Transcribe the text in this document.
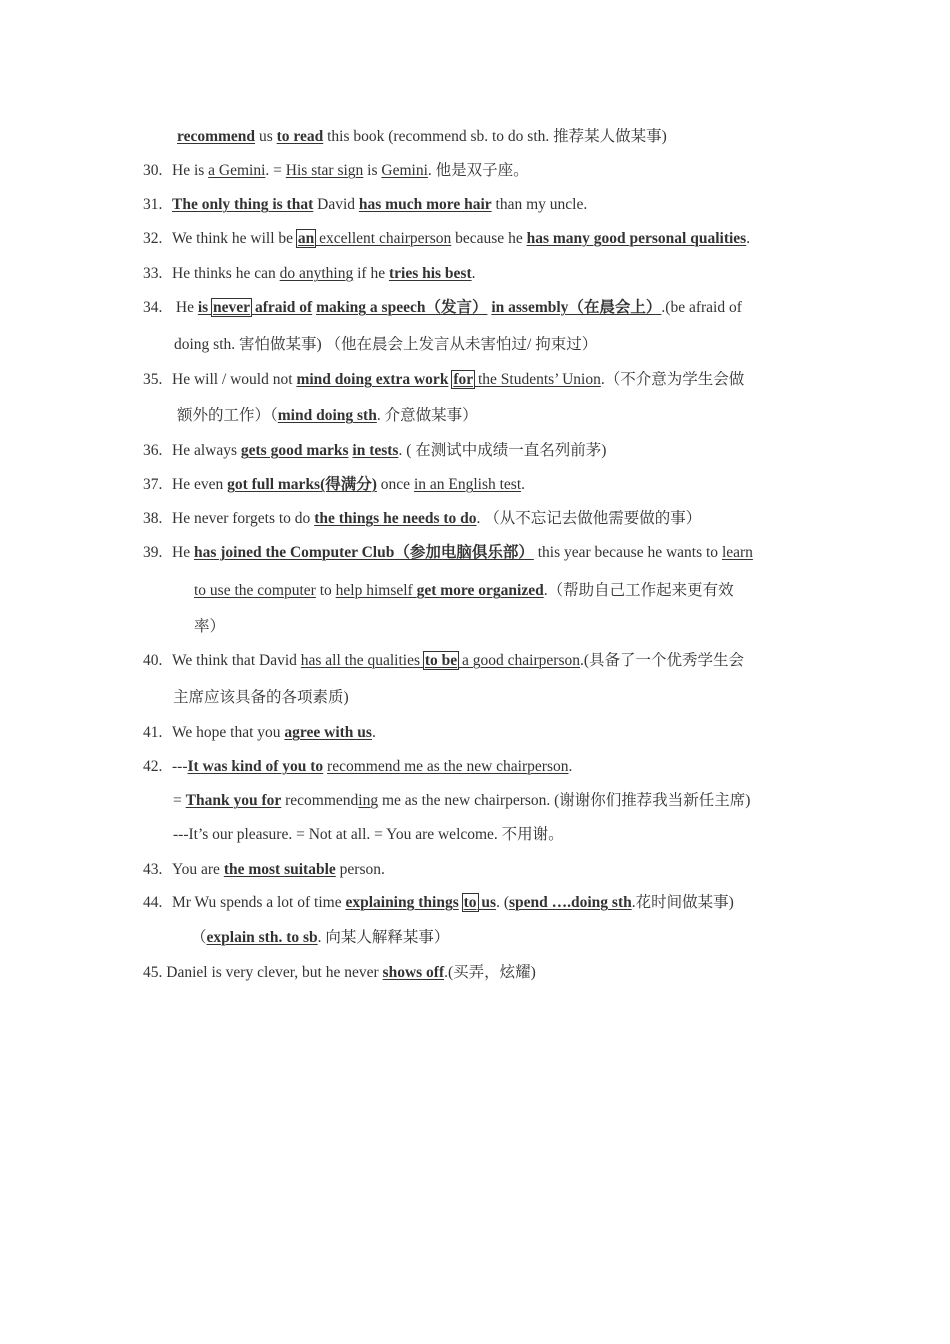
recommend us to read this book (recommend sb. to do sth. 推荐某人做某事)
30. He is a Gemini. = His star sign is Gemini. 他是双子座。
31. The only thing is that David has much more hair than my uncle.
32. We think he will be an excellent chairperson because he has many good personal qualities.
33. He thinks he can do anything if he tries his best.
34. He is never afraid of making a speech（发言） in assembly（在晨会上）.(be afraid of
doing sth. 害怕做某事) （他在晨会上发言从未害怕过/ 拘束过）
35. He will / would not mind doing extra work for the Students’ Union.（不介意为学生会做
额外的工作）（mind doing sth. 介意做某事）
36. He always gets good marks in tests. ( 在测试中成绩一直名列前茅)
37. He even got full marks(得满分) once in an English test.
38. He never forgets to do the things he needs to do. （从不忘记去做他需要做的事）
39. He has joined the Computer Club（参加电脑俱乐部） this year because he wants to learn
to use the computer to help himself get more organized.（帮助自己工作起来更有效
率）
40. We think that David has all the qualities to be a good chairperson.(具备了一个优秀学生会
主席应该具备的各项素质)
41. We hope that you agree with us.
42. ---It was kind of you to recommend me as the new chairperson.
= Thank you for recommending me as the new chairperson. (谢谢你们推荐我当新任主席)
---It’s our pleasure. = Not at all. = You are welcome. 不用谢。
43. You are the most suitable person.
44. Mr Wu spends a lot of time explaining things to us. (spend ….doing sth.花时间做某事)
（explain sth. to sb. 向某人解释某事）
45. Daniel is very clever, but he never shows off.(买弄，炫耀)
